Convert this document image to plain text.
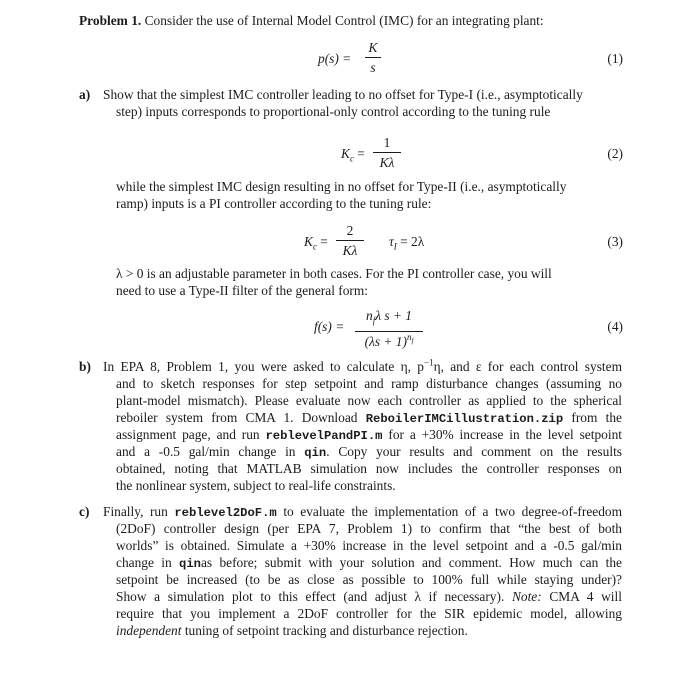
Problem 1. Consider the use of Internal Model Control (IMC) for an integrating plant:
p(s) =
K
s
(1)
a) Show that the simplest IMC controller leading to no offset for Type-I (i.e., asymptotically
step) inputs corresponds to proportional-only control according to the tuning rule
$K_c$ =
1
Kλ
(2)
while the simplest IMC design resulting in no offset for Type-II (i.e., asymptotically
ramp) inputs is a PI controller according to the tuning rule:
$K_c$ =
2
Kλ
$\tau_I = 2\lambda$	(3)
λ > 0 is an adjustable parameter in both cases. For the PI controller case, you will
need to use a Type-II filter of the general form:
f(s) =
$n_f\lambda$ s + 1
$(\lambda s + 1)^{n_f}$
(4)
b) In EPA 8, Problem 1, you were asked to calculate η, $p^{-1}\eta$, and ε for each control system
and to sketch responses for step setpoint and ramp disturbance changes (assuming no
plant-model mismatch). Please evaluate now each controller as applied to the spherical
reboiler system from CMA 1. Download ReboilerIMCillustration.zip from the
assignment page, and run reblevelPandPI.m for a +30% increase in the level setpoint
and a -0.5 gal/min change in qin. Copy your results and comment on the results
obtained, noting that MATLAB simulation now includes the controller responses on
the nonlinear system, subject to real-life constraints.
c) Finally, run reblevel2DoF.m to evaluate the implementation of a two degree-of-freedom
(2DoF) controller design (per EPA 7, Problem 1) to confirm that “the best of both
worlds” is obtained. Simulate a +30% increase in the level setpoint and a -0.5 gal/min
change in qinas before; submit with your solution and comment. How much can the
setpoint be increased (to be as close as possible to 100% full while staying under)?
Show a simulation plot to this effect (and adjust λ if necessary). Note: CMA 4 will
require that you implement a 2DoF controller for the SIR epidemic model, allowing
independent tuning of setpoint tracking and disturbance rejection.
